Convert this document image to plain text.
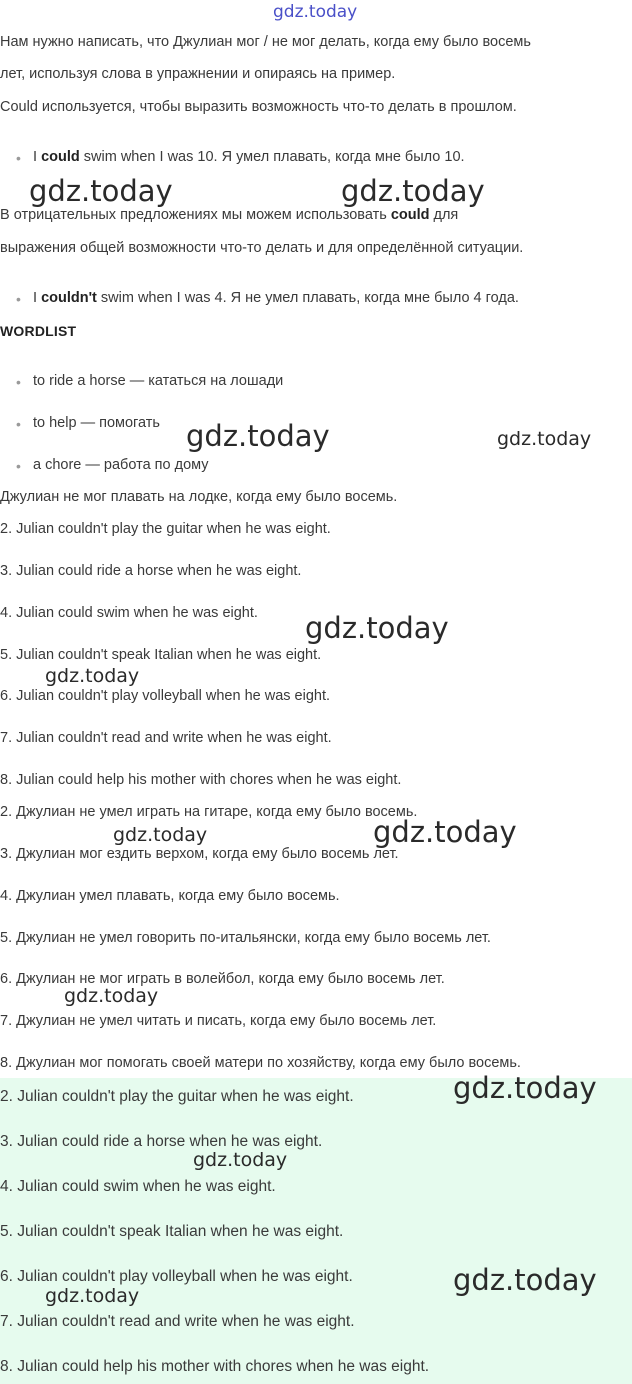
Нам нужно написать, что Джулиан мог / не мог делать, когда ему было восемь
лет, используя слова в упражнении и опираясь на пример.
Could используется, чтобы выразить возможность что-то делать в прошлом.
• I could swim when I was 10. Я умел плавать, когда мне было 10.
В отрицательных предложениях мы можем использовать could для
выражения общей возможности что-то делать и для определённой ситуации.
• I couldn't swim when I was 4. Я не умел плавать, когда мне было 4 года.
WORDLIST
• to ride a horse — кататься на лошади
• to help — помогать
• a chore — работа по дому
Джулиан не мог плавать на лодке, когда ему было восемь.
2. Julian couldn't play the guitar when he was eight.
3. Julian could ride a horse when he was eight.
4. Julian could swim when he was eight.
5. Julian couldn't speak Italian when he was eight.
6. Julian couldn't play volleyball when he was eight.
7. Julian couldn't read and write when he was eight.
8. Julian could help his mother with chores when he was eight.
2. Джулиан не умел играть на гитаре, когда ему было восемь.
3. Джулиан мог ездить верхом, когда ему было восемь лет.
4. Джулиан умел плавать, когда ему было восемь.
5. Джулиан не умел говорить по-итальянски, когда ему было восемь лет.
6. Джулиан не мог играть в волейбол, когда ему было восемь лет.
7. Джулиан не умел читать и писать, когда ему было восемь лет.
8. Джулиан мог помогать своей матери по хозяйству, когда ему было восемь.
2. Julian couldn't play the guitar when he was eight.
3. Julian could ride a horse when he was eight.
4. Julian could swim when he was eight.
5. Julian couldn't speak Italian when he was eight.
6. Julian couldn't play volleyball when he was eight.
7. Julian couldn't read and write when he was eight.
8. Julian could help his mother with chores when he was eight.
gdz.today
gdz.today	gdz.today
gdz.today	gdz.today
gdz.today
gdz.today
gdz.today	gdz.today
gdz.today
gdz.today
gdz.today
gdz.today
gdz.today
